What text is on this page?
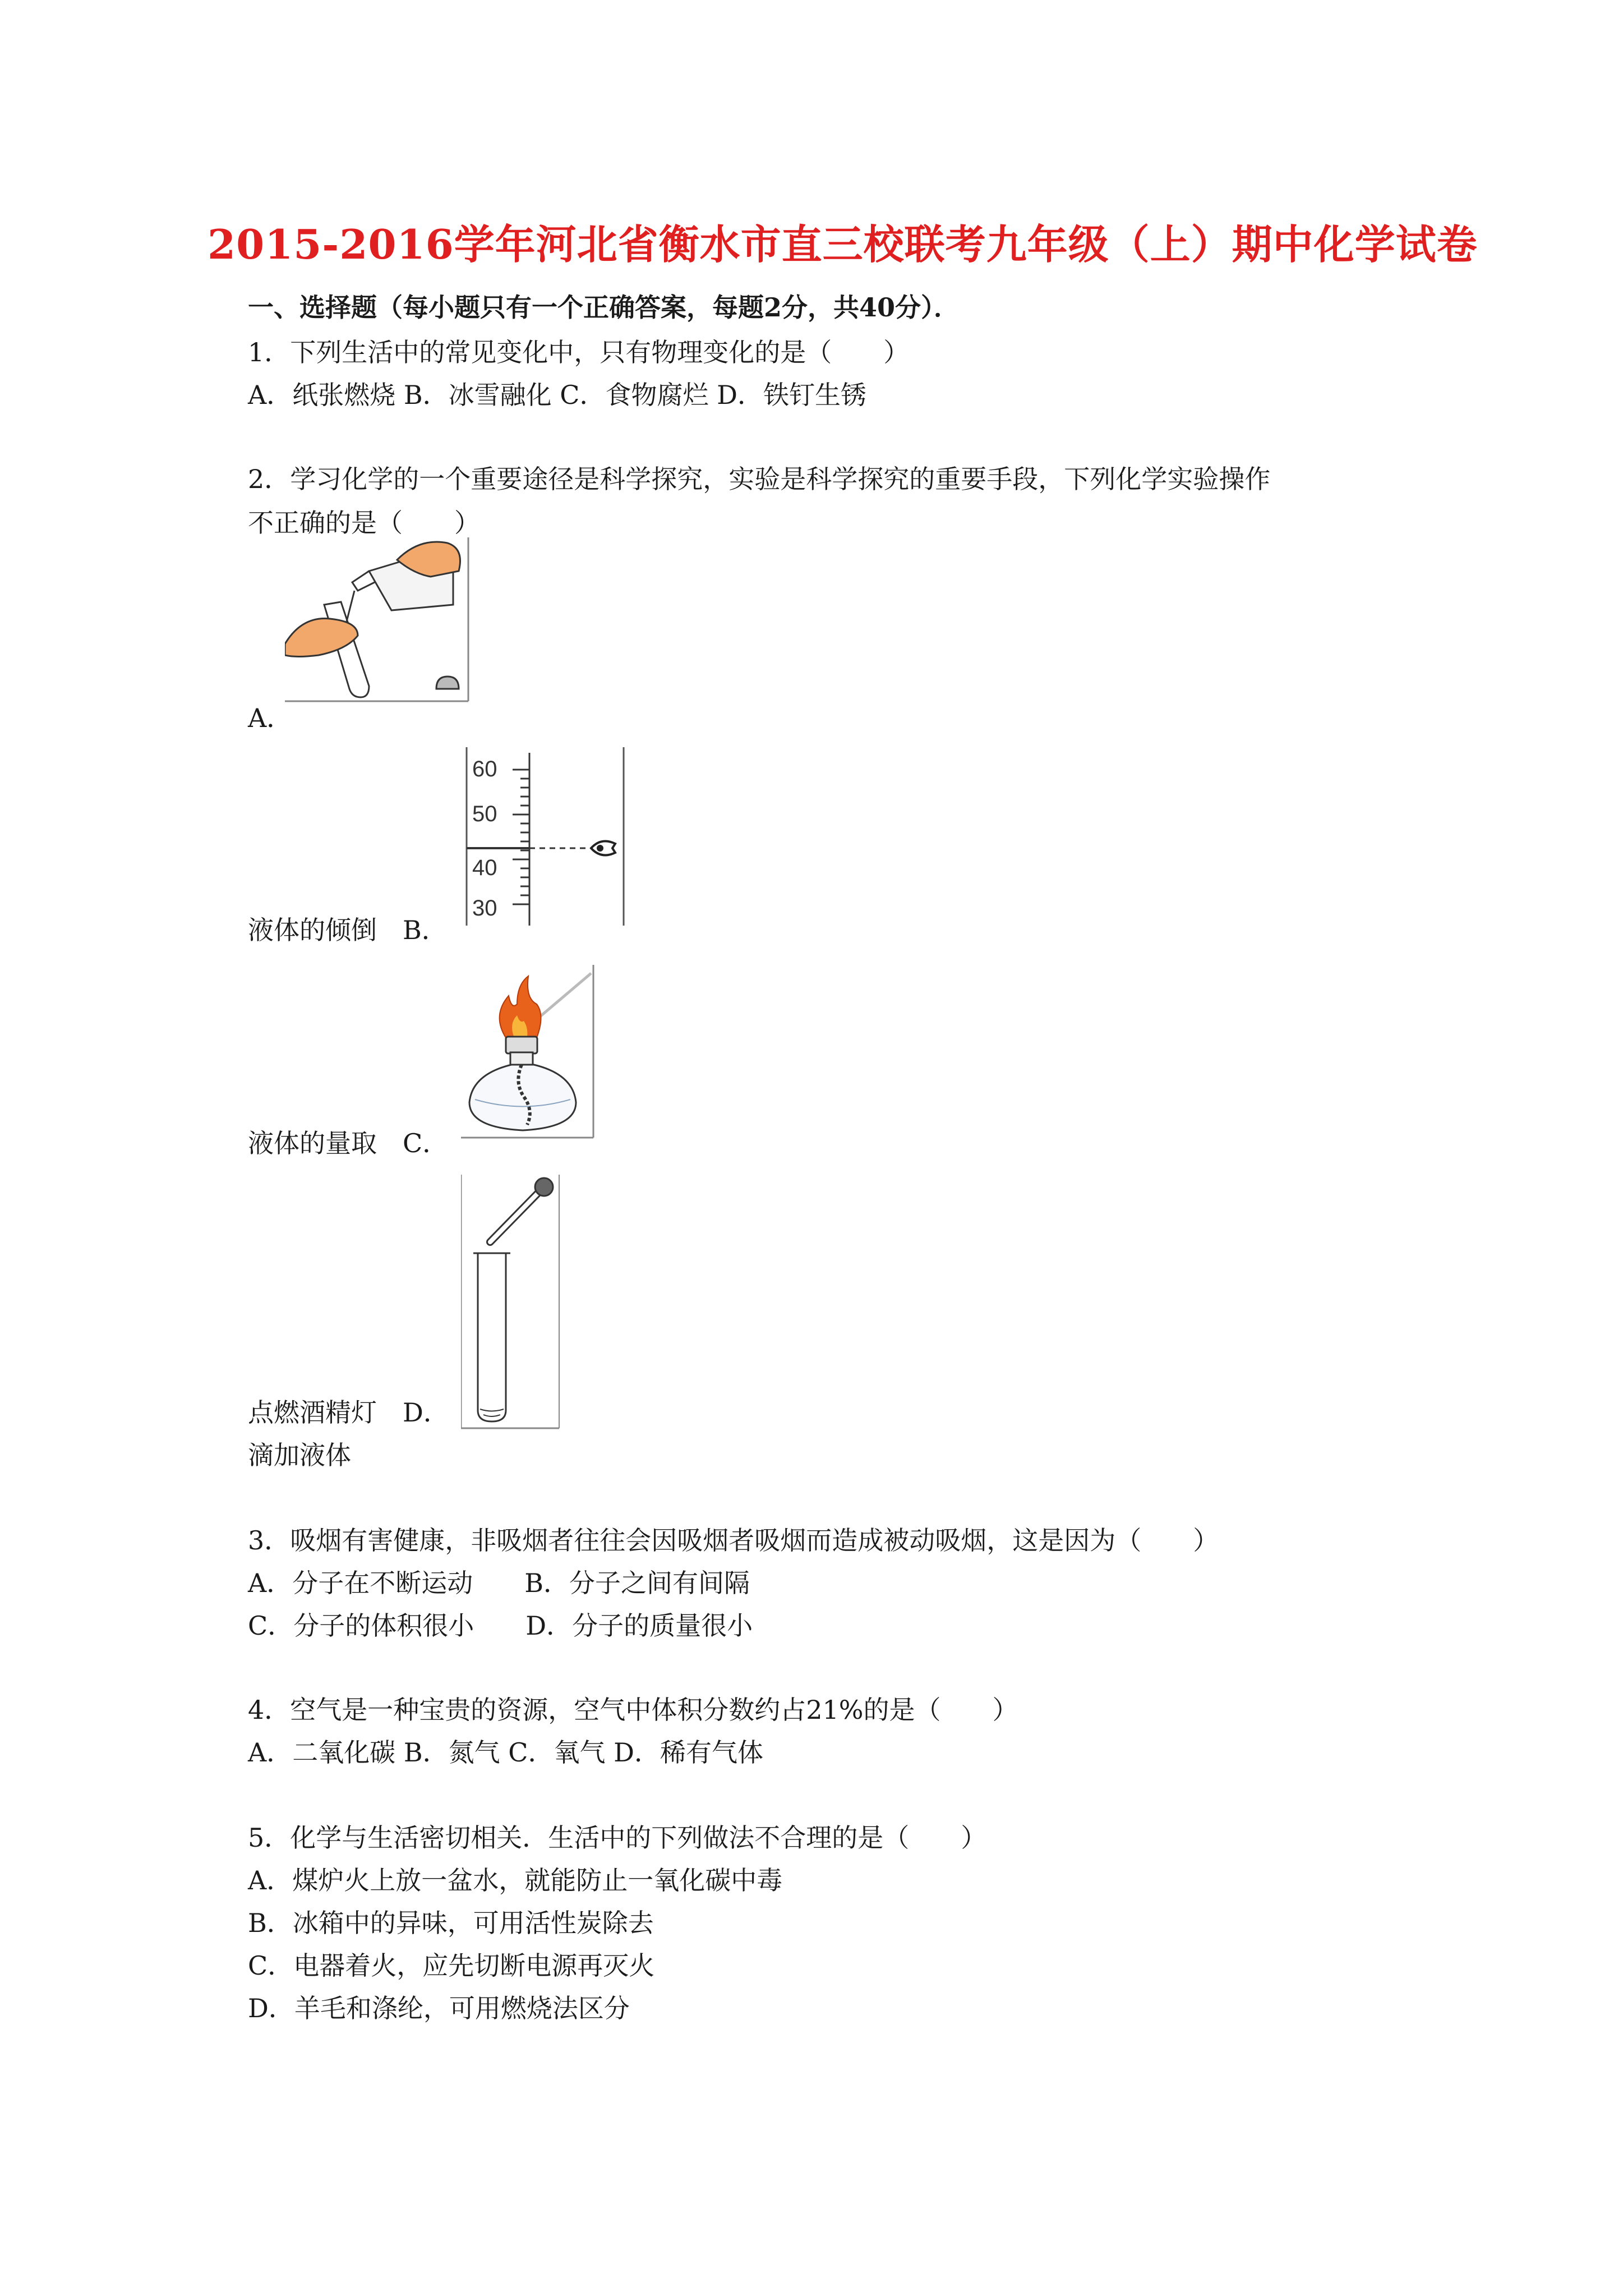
2015-2016学年河北省衡水市直三校联考九年级（上）期中化学试卷
一、选择题（每小题只有一个正确答案，每题2分，共40分）．
1．下列生活中的常见变化中，只有物理变化的是（　　）
A．纸张燃烧 B．冰雪融化 C．食物腐烂 D．铁钉生锈
2．学习化学的一个重要途径是科学探究，实验是科学探究的重要手段，下列化学实验操作
不正确的是（　　）
A．
60
50
40
30
液体的倾倒　B．
液体的量取　C．
点燃酒精灯　D．
滴加液体
3．吸烟有害健康，非吸烟者往往会因吸烟者吸烟而造成被动吸烟，这是因为（　　）
A．分子在不断运动　　B．分子之间有间隔
C．分子的体积很小　　D．分子的质量很小
4．空气是一种宝贵的资源，空气中体积分数约占21%的是（　　）
A．二氧化碳 B．氮气 C．氧气 D．稀有气体
5．化学与生活密切相关．生活中的下列做法不合理的是（　　）
A．煤炉火上放一盆水，就能防止一氧化碳中毒
B．冰箱中的异味，可用活性炭除去
C．电器着火，应先切断电源再灭火
D．羊毛和涤纶，可用燃烧法区分
